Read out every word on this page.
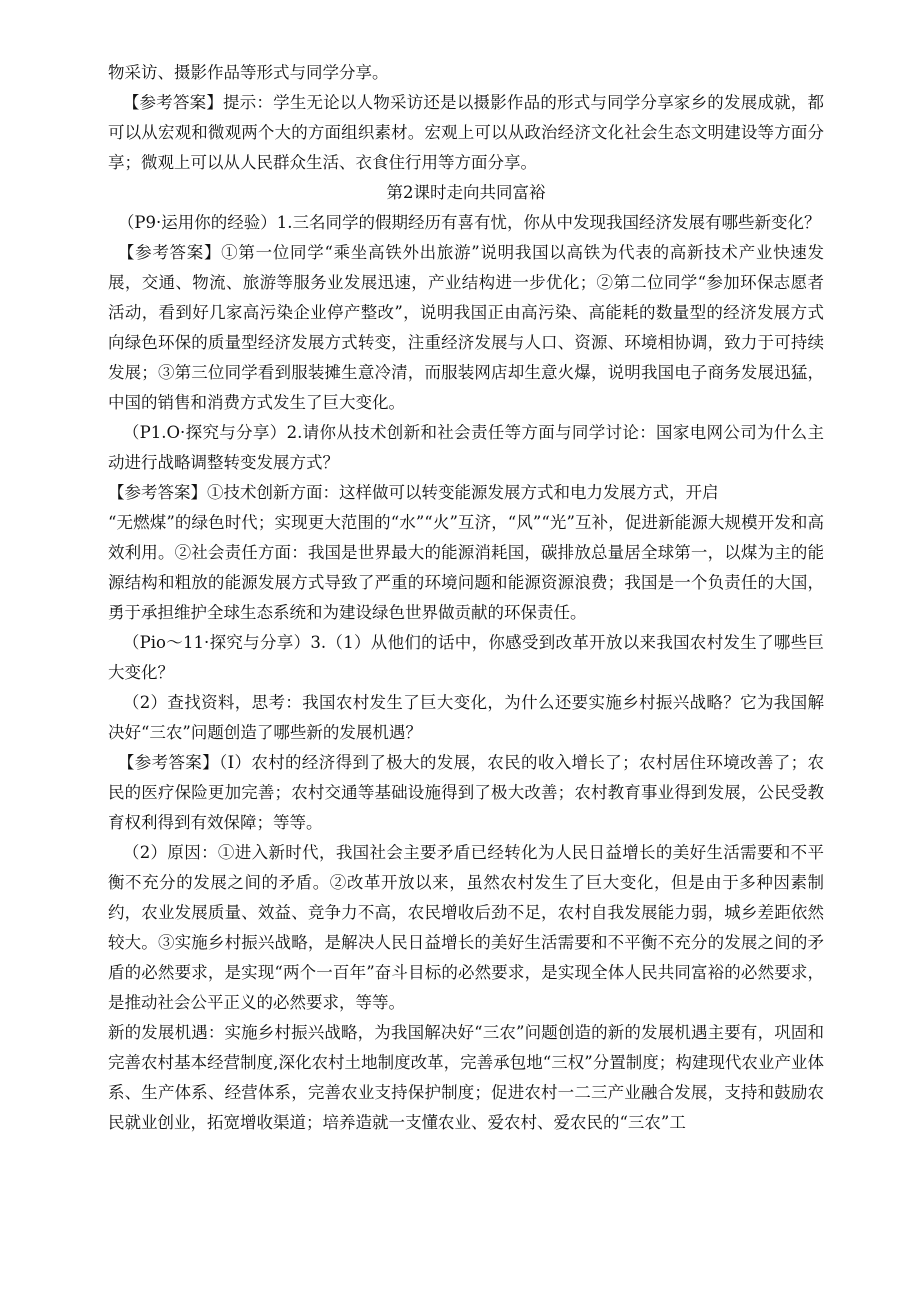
物采访、摄影作品等形式与同学分享。

【参考答案】提示：学生无论以人物采访还是以摄影作品的形式与同学分享家乡的发展成就，都可以从宏观和微观两个大的方面组织素材。宏观上可以从政治经济文化社会生态文明建设等方面分享；微观上可以从人民群众生活、衣食住行用等方面分享。

第2课时走向共同富裕

（P9·运用你的经验）1.三名同学的假期经历有喜有忧，你从中发现我国经济发展有哪些新变化？

【参考答案】①第一位同学“乘坐高铁外出旅游”说明我国以高铁为代表的高新技术产业快速发展，交通、物流、旅游等服务业发展迅速，产业结构进一步优化；②第二位同学“参加环保志愿者活动，看到好几家高污染企业停产整改”，说明我国正由高污染、高能耗的数量型的经济发展方式向绿色环保的质量型经济发展方式转变，注重经济发展与人口、资源、环境相协调，致力于可持续发展；③第三位同学看到服装摊生意冷清，而服装网店却生意火爆，说明我国电子商务发展迅猛，中国的销售和消费方式发生了巨大变化。

（P1.O·探究与分享）2.请你从技术创新和社会责任等方面与同学讨论：国家电网公司为什么主动进行战略调整转变发展方式？

【参考答案】①技术创新方面：这样做可以转变能源发展方式和电力发展方式，开启

“无燃煤”的绿色时代；实现更大范围的“水”“火”互济，“风”“光”互补，促进新能源大规模开发和高效利用。②社会责任方面：我国是世界最大的能源消耗国，碳排放总量居全球第一，以煤为主的能源结构和粗放的能源发展方式导致了严重的环境问题和能源资源浪费；我国是一个负责任的大国，勇于承担维护全球生态系统和为建设绿色世界做贡献的环保责任。

（Pio～11·探究与分享）3.（1）从他们的话中，你感受到改革开放以来我国农村发生了哪些巨大变化？

（2）查找资料，思考：我国农村发生了巨大变化，为什么还要实施乡村振兴战略？它为我国解决好“三农”问题创造了哪些新的发展机遇？

【参考答案】（I）农村的经济得到了极大的发展，农民的收入增长了；农村居住环境改善了；农民的医疗保险更加完善；农村交通等基础设施得到了极大改善；农村教育事业得到发展，公民受教育权利得到有效保障；等等。

（2）原因：①进入新时代，我国社会主要矛盾已经转化为人民日益增长的美好生活需要和不平衡不充分的发展之间的矛盾。②改革开放以来，虽然农村发生了巨大变化，但是由于多种因素制约，农业发展质量、效益、竞争力不高，农民增收后劲不足，农村自我发展能力弱，城乡差距依然较大。③实施乡村振兴战略，是解决人民日益增长的美好生活需要和不平衡不充分的发展之间的矛盾的必然要求，是实现“两个一百年”奋斗目标的必然要求，是实现全体人民共同富裕的必然要求，是推动社会公平正义的必然要求，等等。

新的发展机遇：实施乡村振兴战略，为我国解决好“三农”问题创造的新的发展机遇主要有，巩固和完善农村基本经营制度,深化农村土地制度改革，完善承包地“三权”分置制度；构建现代农业产业体系、生产体系、经营体系，完善农业支持保护制度；促进农村一二三产业融合发展，支持和鼓励农民就业创业，拓宽增收渠道；培养造就一支懂农业、爱农村、爱农民的“三农”工
